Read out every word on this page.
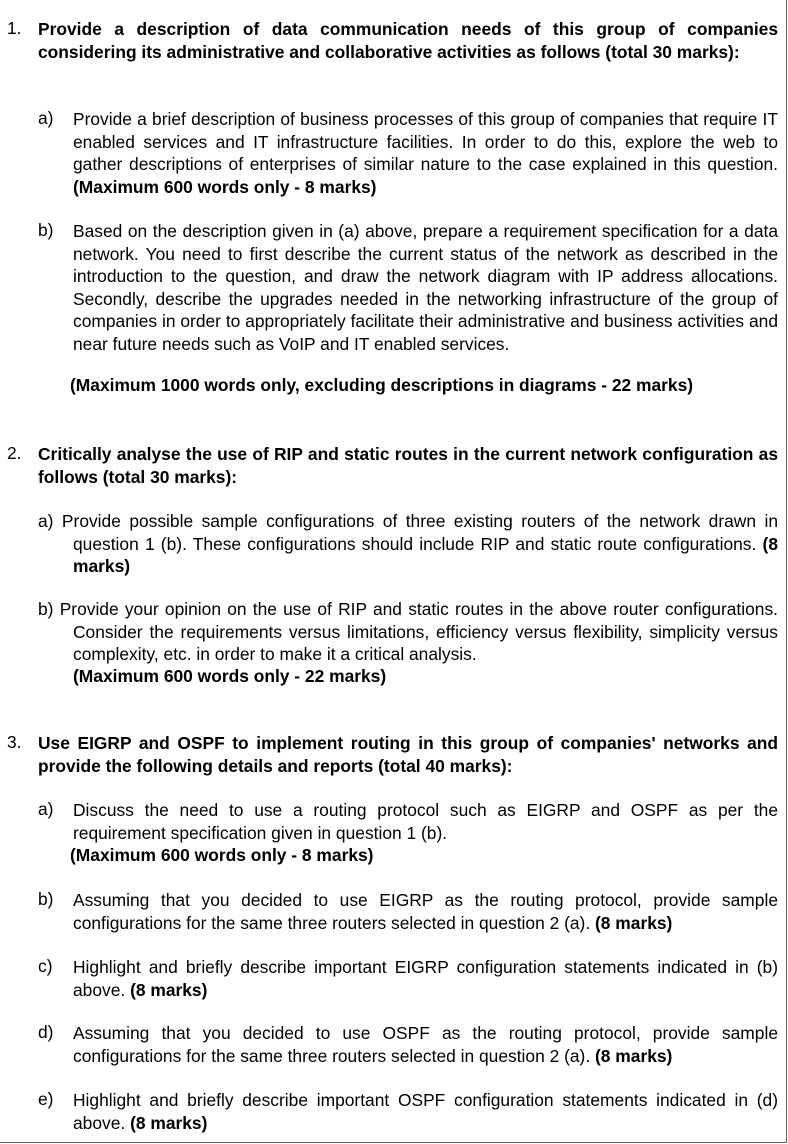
1. Provide a description of data communication needs of this group of companies considering its administrative and collaborative activities as follows (total 30 marks):
a) Provide a brief description of business processes of this group of companies that require IT enabled services and IT infrastructure facilities. In order to do this, explore the web to gather descriptions of enterprises of similar nature to the case explained in this question. (Maximum 600 words only - 8 marks)
b) Based on the description given in (a) above, prepare a requirement specification for a data network. You need to first describe the current status of the network as described in the introduction to the question, and draw the network diagram with IP address allocations. Secondly, describe the upgrades needed in the networking infrastructure of the group of companies in order to appropriately facilitate their administrative and business activities and near future needs such as VoIP and IT enabled services.
(Maximum 1000 words only, excluding descriptions in diagrams - 22 marks)
2. Critically analyse the use of RIP and static routes in the current network configuration as follows (total 30 marks):
a) Provide possible sample configurations of three existing routers of the network drawn in question 1 (b). These configurations should include RIP and static route configurations. (8 marks)
b) Provide your opinion on the use of RIP and static routes in the above router configurations. Consider the requirements versus limitations, efficiency versus flexibility, simplicity versus complexity, etc. in order to make it a critical analysis.
(Maximum 600 words only - 22 marks)
3. Use EIGRP and OSPF to implement routing in this group of companies' networks and provide the following details and reports (total 40 marks):
a) Discuss the need to use a routing protocol such as EIGRP and OSPF as per the requirement specification given in question 1 (b).
(Maximum 600 words only - 8 marks)
b) Assuming that you decided to use EIGRP as the routing protocol, provide sample configurations for the same three routers selected in question 2 (a). (8 marks)
c) Highlight and briefly describe important EIGRP configuration statements indicated in (b) above. (8 marks)
d) Assuming that you decided to use OSPF as the routing protocol, provide sample configurations for the same three routers selected in question 2 (a). (8 marks)
e) Highlight and briefly describe important OSPF configuration statements indicated in (d) above. (8 marks)
